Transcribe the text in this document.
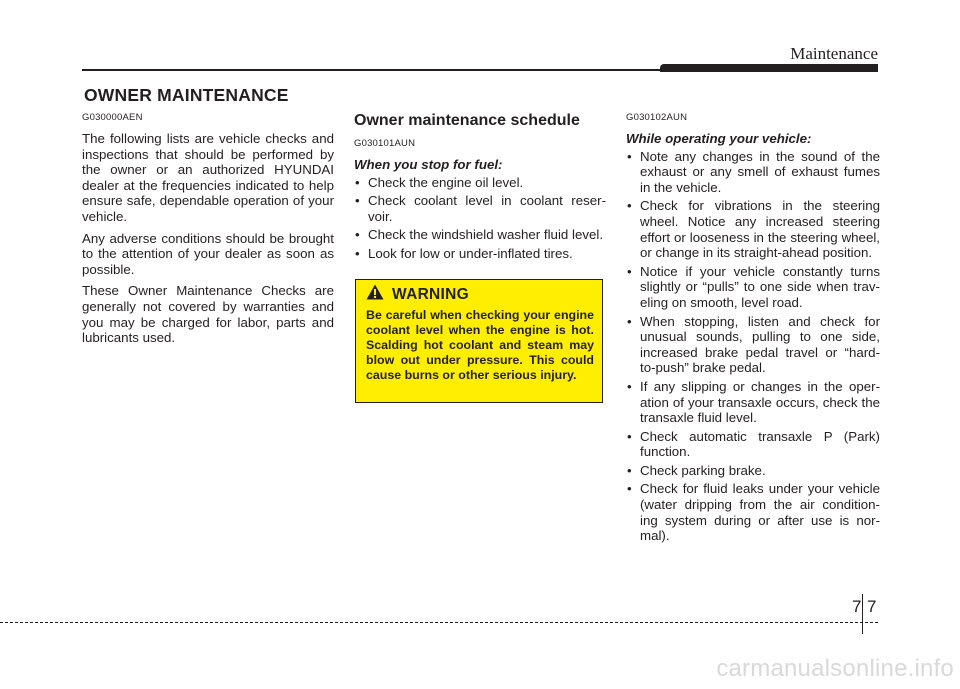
Maintenance
OWNER MAINTENANCE
G030000AEN

The following lists are vehicle checks and inspections that should be performed by the owner or an authorized HYUNDAI dealer at the frequencies indicated to help ensure safe, dependable operation of your vehicle.

Any adverse conditions should be brought to the attention of your dealer as soon as possible.

These Owner Maintenance Checks are generally not covered by warranties and you may be charged for labor, parts and lubricants used.

Owner maintenance schedule
G030101AUN
When you stop for fuel:
• Check the engine oil level.
• Check coolant level in coolant reser- voir.
• Check the windshield washer fluid level.
• Look for low or under-inflated tires.
WARNING

Be careful when checking your engine coolant level when the engine is hot. Scalding hot coolant and steam may blow out under pressure. This could cause burns or other serious injury.

G030102AUN
While operating your vehicle:
• Note any changes in the sound of the exhaust or any smell of exhaust fumes in the vehicle.
• Check for vibrations in the steering wheel. Notice any increased steering effort or looseness in the steering wheel, or change in its straight-ahead position.
• Notice if your vehicle constantly turns slightly or “pulls” to one side when trav- eling on smooth, level road.
• When stopping, listen and check for unusual sounds, pulling to one side, increased brake pedal travel or “hard- to-push” brake pedal.
• If any slipping or changes in the oper- ation of your transaxle occurs, check the transaxle fluid level.
• Check automatic transaxle P (Park) function.
• Check parking brake.
• Check for fluid leaks under your vehicle (water dripping from the air condition- ing system during or after use is nor- mal).
7 7
carmanualsonline.info
